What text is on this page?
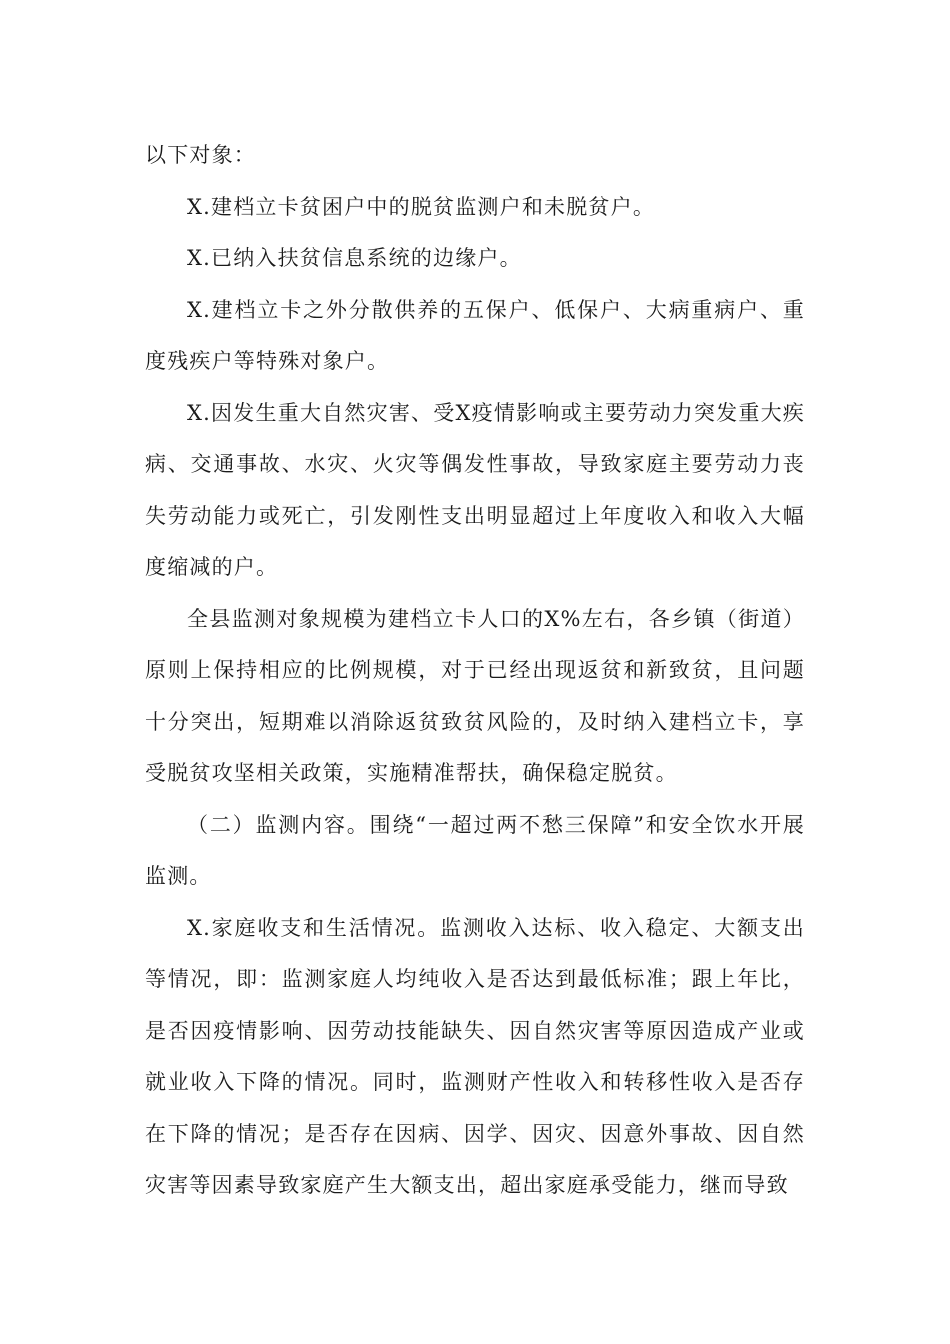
以下对象：

X.建档立卡贫困户中的脱贫监测户和未脱贫户。

X.已纳入扶贫信息系统的边缘户。

X.建档立卡之外分散供养的五保户、低保户、大病重病户、重度残疾户等特殊对象户。

X.因发生重大自然灾害、受X疫情影响或主要劳动力突发重大疾病、交通事故、水灾、火灾等偶发性事故，导致家庭主要劳动力丧失劳动能力或死亡，引发刚性支出明显超过上年度收入和收入大幅度缩减的户。

全县监测对象规模为建档立卡人口的X%左右，各乡镇（街道）原则上保持相应的比例规模，对于已经出现返贫和新致贫，且问题十分突出，短期难以消除返贫致贫风险的，及时纳入建档立卡，享受脱贫攻坚相关政策，实施精准帮扶，确保稳定脱贫。

（二）监测内容。围绕“一超过两不愁三保障”和安全饮水开展监测。

X.家庭收支和生活情况。监测收入达标、收入稳定、大额支出等情况，即：监测家庭人均纯收入是否达到最低标准；跟上年比，是否因疫情影响、因劳动技能缺失、因自然灾害等原因造成产业或就业收入下降的情况。同时，监测财产性收入和转移性收入是否存在下降的情况；是否存在因病、因学、因灾、因意外事故、因自然灾害等因素导致家庭产生大额支出，超出家庭承受能力，继而导致
